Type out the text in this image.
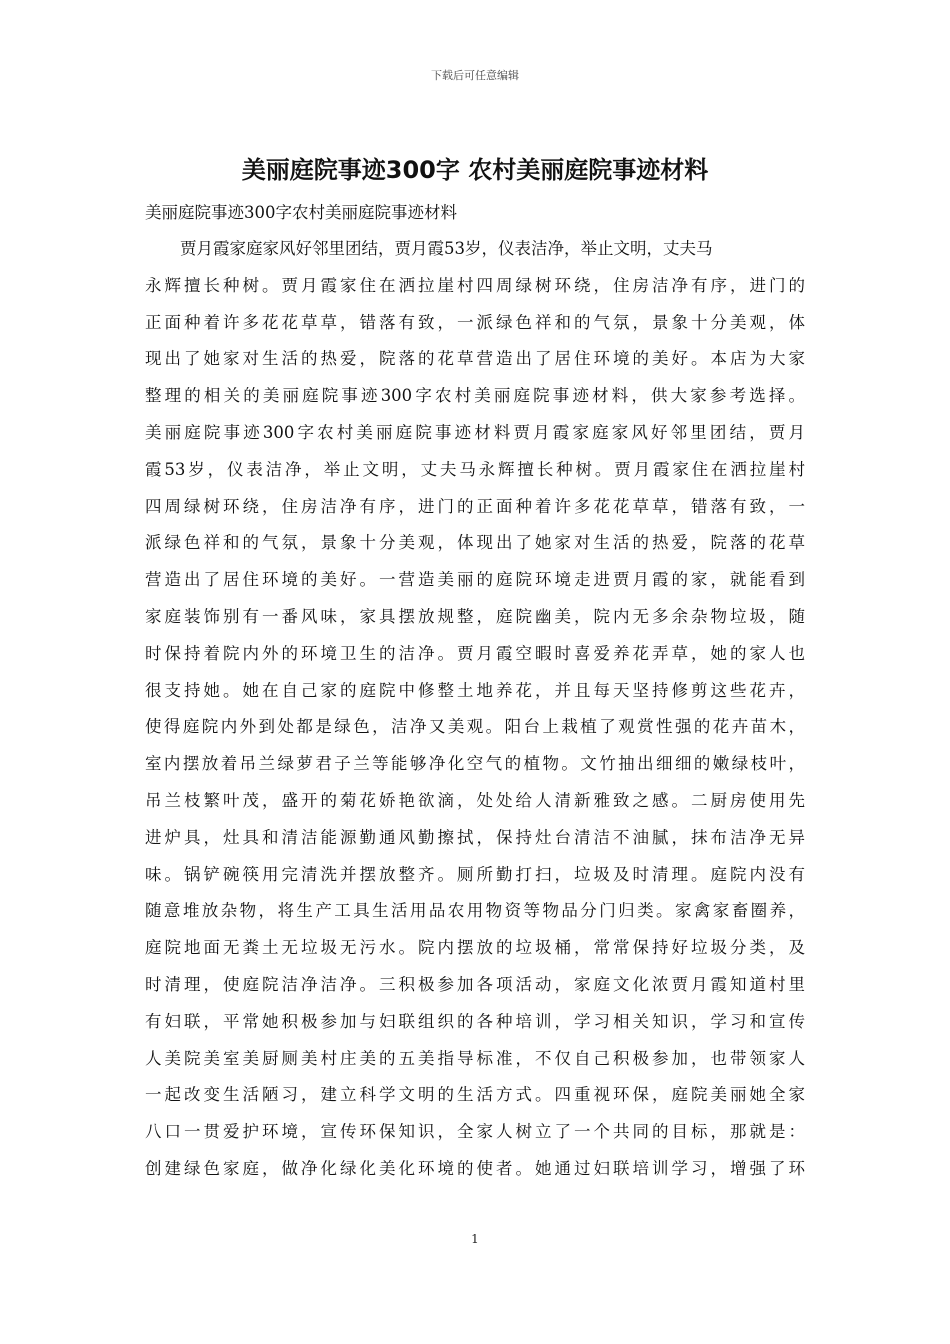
下载后可任意编辑
美丽庭院事迹300字 农村美丽庭院事迹材料
美丽庭院事迹300字农村美丽庭院事迹材料
贾月霞家庭家风好邻里团结，贾月霞53岁，仪表洁净，举止文明，丈夫马
永辉擅长种树。贾月霞家住在洒拉崖村四周绿树环绕，住房洁净有序，进门的
正面种着许多花花草草，错落有致，一派绿色祥和的气氛，景象十分美观，体
现出了她家对生活的热爱，院落的花草营造出了居住环境的美好。本店为大家
整理的相关的美丽庭院事迹300字农村美丽庭院事迹材料，供大家参考选择。
美丽庭院事迹300字农村美丽庭院事迹材料贾月霞家庭家风好邻里团结，贾月
霞53岁，仪表洁净，举止文明，丈夫马永辉擅长种树。贾月霞家住在洒拉崖村
四周绿树环绕，住房洁净有序，进门的正面种着许多花花草草，错落有致，一
派绿色祥和的气氛，景象十分美观，体现出了她家对生活的热爱，院落的花草
营造出了居住环境的美好。一营造美丽的庭院环境走进贾月霞的家，就能看到
家庭装饰别有一番风味，家具摆放规整，庭院幽美，院内无多余杂物垃圾，随
时保持着院内外的环境卫生的洁净。贾月霞空暇时喜爱养花弄草，她的家人也
很支持她。她在自己家的庭院中修整土地养花，并且每天坚持修剪这些花卉，
使得庭院内外到处都是绿色，洁净又美观。阳台上栽植了观赏性强的花卉苗木，
室内摆放着吊兰绿萝君子兰等能够净化空气的植物。文竹抽出细细的嫩绿枝叶，
吊兰枝繁叶茂，盛开的菊花娇艳欲滴，处处给人清新雅致之感。二厨房使用先
进炉具，灶具和清洁能源勤通风勤擦拭，保持灶台清洁不油腻，抹布洁净无异
味。锅铲碗筷用完清洗并摆放整齐。厕所勤打扫，垃圾及时清理。庭院内没有
随意堆放杂物，将生产工具生活用品农用物资等物品分门归类。家禽家畜圈养，
庭院地面无粪土无垃圾无污水。院内摆放的垃圾桶，常常保持好垃圾分类，及
时清理，使庭院洁净洁净。三积极参加各项活动，家庭文化浓贾月霞知道村里
有妇联，平常她积极参加与妇联组织的各种培训，学习相关知识，学习和宣传
人美院美室美厨厕美村庄美的五美指导标准，不仅自己积极参加，也带领家人
一起改变生活陋习，建立科学文明的生活方式。四重视环保，庭院美丽她全家
八口一贯爱护环境，宣传环保知识，全家人树立了一个共同的目标，那就是：
创建绿色家庭，做净化绿化美化环境的使者。她通过妇联培训学习，增强了环
1
